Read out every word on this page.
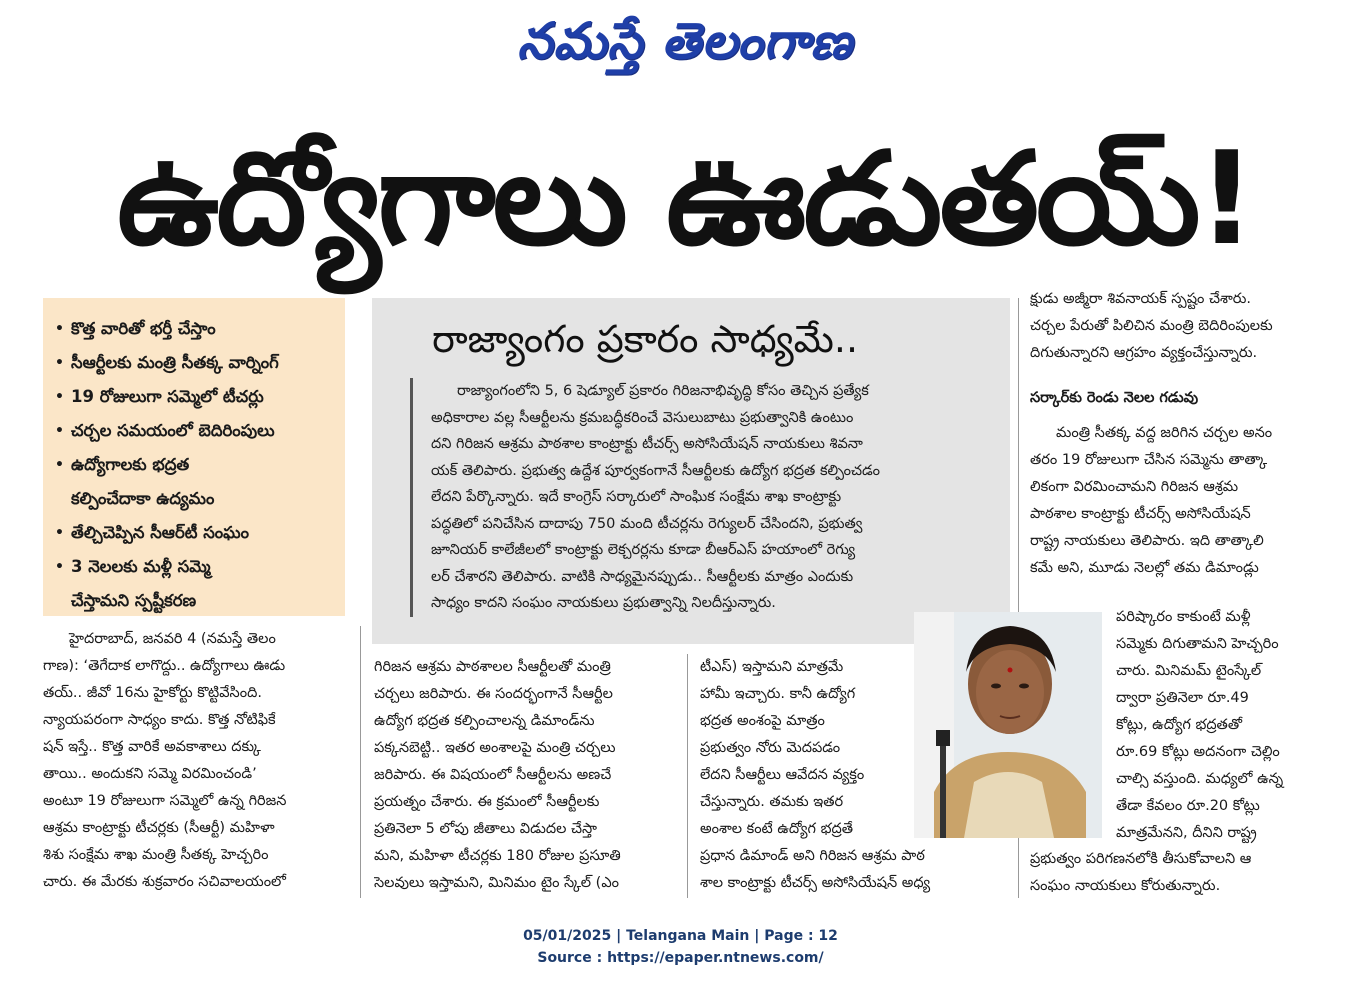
నమస్తే తెలంగాణ
ఉద్యోగాలు ఊడుతయ్‌!
• కొత్త వారితో భర్తీ చేస్తాం
• సీఆర్టీలకు మంత్రి సీతక్క వార్నింగ్‌
• 19 రోజులుగా సమ్మెలో టీచర్లు
• చర్చల సమయంలో బెదిరింపులు
• ఉద్యోగాలకు భద్రత
కల్పించేదాకా ఉద్యమం
• తేల్చిచెప్పిన సీఆర్‌టీ సంఘం
• 3 నెలలకు మళ్లీ సమ్మె
చేస్తామని స్పష్టీకరణ
రాజ్యాంగం ప్రకారం సాధ్యమే..
రాజ్యాంగంలోని 5, 6 షెడ్యూల్‌ ప్రకారం గిరిజనాభివృద్ధి కోసం తెచ్చిన ప్రత్యేక
అధికారాల వల్ల సీఆర్టీలను క్రమబద్ధీకరించే వెసులుబాటు ప్రభుత్వానికి ఉంటుం
దని గిరిజన ఆశ్రమ పాఠశాల కాంట్రాక్టు టీచర్స్‌ అసోసియేషన్‌ నాయకులు శివనా
యక్‌ తెలిపారు. ప్రభుత్వ ఉద్దేశ పూర్వకంగానే సీఆర్టీలకు ఉద్యోగ భద్రత కల్పించడం
లేదని పేర్కొన్నారు. ఇదే కాంగ్రెస్‌ సర్కారులో సాంఘిక సంక్షేమ శాఖ కాంట్రాక్టు
పద్ధతిలో పనిచేసిన దాదాపు 750 మంది టీచర్లను రెగ్యులర్‌ చేసిందని, ప్రభుత్వ
జూనియర్‌ కాలేజీలలో కాంట్రాక్టు లెక్చరర్లను కూడా బీఆర్‌ఎస్‌ హయాంలో రెగ్యు
లర్‌ చేశారని తెలిపారు. వాటికి సాధ్యమైనప్పుడు.. సీఆర్టీలకు మాత్రం ఎందుకు
సాధ్యం కాదని సంఘం నాయకులు ప్రభుత్వాన్ని నిలదీస్తున్నారు.
హైదరాబాద్‌, జనవరి 4 (నమస్తే తెలం
గాణ): ‘తెగేదాక లాగొద్దు.. ఉద్యోగాలు ఊడు
తయ్‌.. జీవో 16ను హైకోర్టు కొట్టివేసింది.
న్యాయపరంగా సాధ్యం కాదు. కొత్త నోటిఫికే
షన్‌ ఇస్తే.. కొత్త వారికే అవకాశాలు దక్కు
తాయి.. అందుకని సమ్మె విరమించండి’
అంటూ 19 రోజులుగా సమ్మెలో ఉన్న గిరిజన
ఆశ్రమ కాంట్రాక్టు టీచర్లకు (సీఆర్టీ) మహిళా
శిశు సంక్షేమ శాఖ మంత్రి సీతక్క హెచ్చరిం
చారు. ఈ మేరకు శుక్రవారం సచివాలయంలో
గిరిజన ఆశ్రమ పాఠశాలల సీఆర్టీలతో మంత్రి
చర్చలు జరిపారు. ఈ సందర్భంగానే సీఆర్టీల
ఉద్యోగ భద్రత కల్పించాలన్న డిమాండ్‌ను
పక్కనబెట్టి.. ఇతర అంశాలపై మంత్రి చర్చలు
జరిపారు. ఈ విషయంలో సీఆర్టీలను అణచే
ప్రయత్నం చేశారు. ఈ క్రమంలో సీఆర్టీలకు
ప్రతినెలా 5 లోపు జీతాలు విడుదల చేస్తా
మని, మహిళా టీచర్లకు 180 రోజుల ప్రసూతి
సెలవులు ఇస్తామని, మినిమం టైం స్కేల్‌ (ఎం
టీఎస్‌) ఇస్తామని మాత్రమే
హామీ ఇచ్చారు. కానీ ఉద్యోగ
భద్రత అంశంపై మాత్రం
ప్రభుత్వం నోరు మెదపడం
లేదని సీఆర్టీలు ఆవేదన వ్యక్తం
చేస్తున్నారు. తమకు ఇతర
అంశాల కంటే ఉద్యోగ భద్రతే
ప్రధాన డిమాండ్‌ అని గిరిజన ఆశ్రమ పాఠ
శాల కాంట్రాక్టు టీచర్స్‌ అసోసియేషన్‌ అధ్య
క్షుడు అజ్మీరా శివనాయక్‌ స్పష్టం చేశారు.
చర్చల పేరుతో పిలిచిన మంత్రి బెదిరింపులకు
దిగుతున్నారని ఆగ్రహం వ్యక్తంచేస్తున్నారు.
సర్కార్‌కు రెండు నెలల గడువు
మంత్రి సీతక్క వద్ద జరిగిన చర్చల అనం
తరం 19 రోజులుగా చేసిన సమ్మెను తాత్కా
లికంగా విరమించామని గిరిజన ఆశ్రమ
పాఠశాల కాంట్రాక్టు టీచర్స్‌ అసోసియేషన్‌
రాష్ట్ర నాయకులు తెలిపారు. ఇది తాత్కాలి
కమే అని, మూడు నెలల్లో తమ డిమాండ్లు
పరిష్కారం కాకుంటే మళ్లీ
సమ్మెకు దిగుతామని హెచ్చరిం
చారు. మినిమమ్‌ టైంస్కేల్‌
ద్వారా ప్రతినెలా రూ.49
కోట్లు, ఉద్యోగ భద్రతతో
రూ.69 కోట్లు అదనంగా చెల్లిం
చాల్సి వస్తుంది. మధ్యలో ఉన్న
తేడా కేవలం రూ.20 కోట్లు
మాత్రమేనని, దీనిని రాష్ట్ర
ప్రభుత్వం పరిగణనలోకి తీసుకోవాలని ఆ
సంఘం నాయకులు కోరుతున్నారు.
05/01/2025 | Telangana Main | Page : 12
Source : https://epaper.ntnews.com/
